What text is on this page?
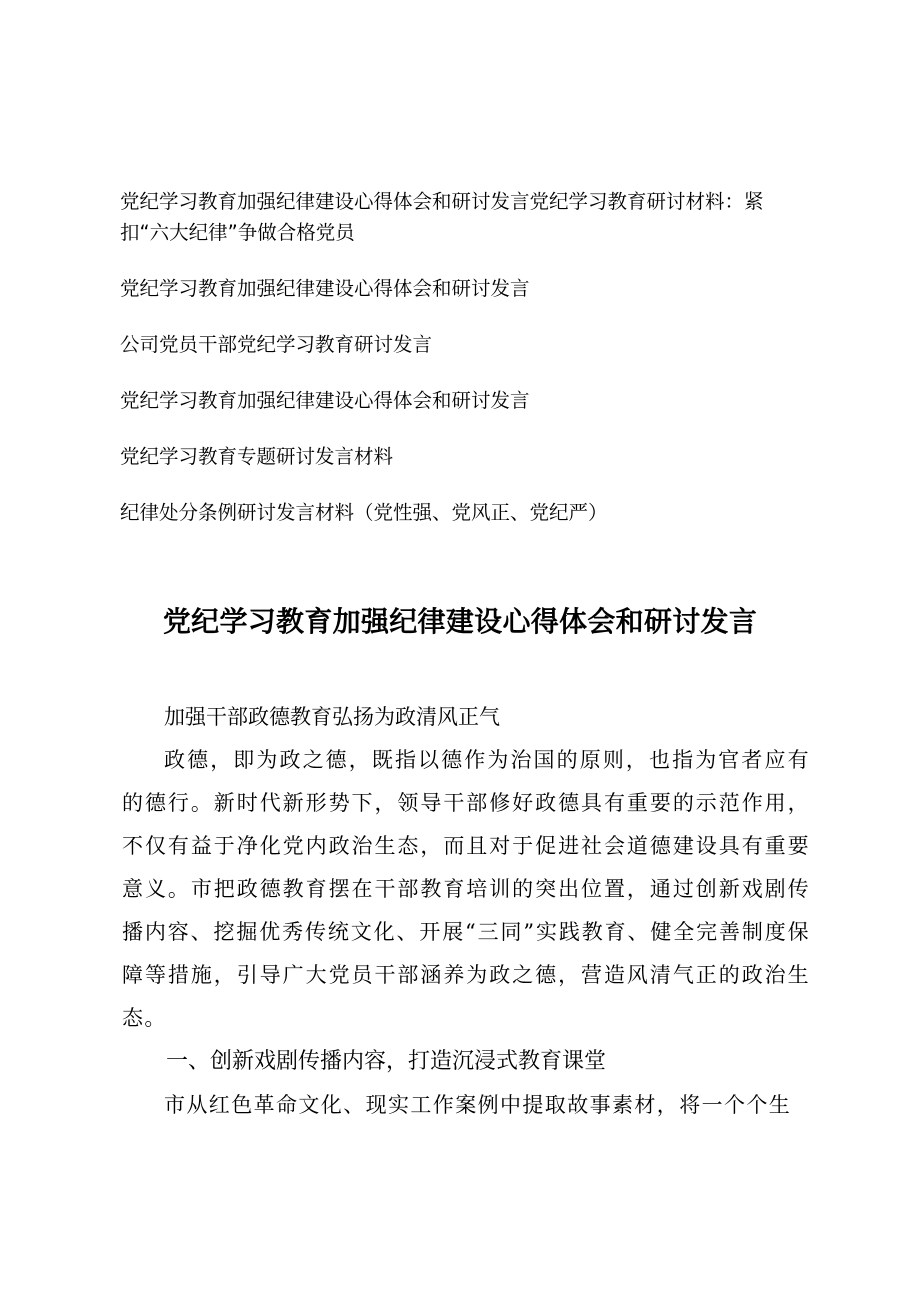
党纪学习教育加强纪律建设心得体会和研讨发言党纪学习教育研讨材料：紧扣“六大纪律”争做合格党员

党纪学习教育加强纪律建设心得体会和研讨发言

公司党员干部党纪学习教育研讨发言

党纪学习教育加强纪律建设心得体会和研讨发言

党纪学习教育专题研讨发言材料

纪律处分条例研讨发言材料（党性强、党风正、党纪严）

党纪学习教育加强纪律建设心得体会和研讨发言

加强干部政德教育弘扬为政清风正气

政德，即为政之德，既指以德作为治国的原则，也指为官者应有的德行。新时代新形势下，领导干部修好政德具有重要的示范作用，不仅有益于净化党内政治生态，而且对于促进社会道德建设具有重要意义。市把政德教育摆在干部教育培训的突出位置，通过创新戏剧传播内容、挖掘优秀传统文化、开展“三同”实践教育、健全完善制度保障等措施，引导广大党员干部涵养为政之德，营造风清气正的政治生态。

一、创新戏剧传播内容，打造沉浸式教育课堂

市从红色革命文化、现实工作案例中提取故事素材，将一个个生
